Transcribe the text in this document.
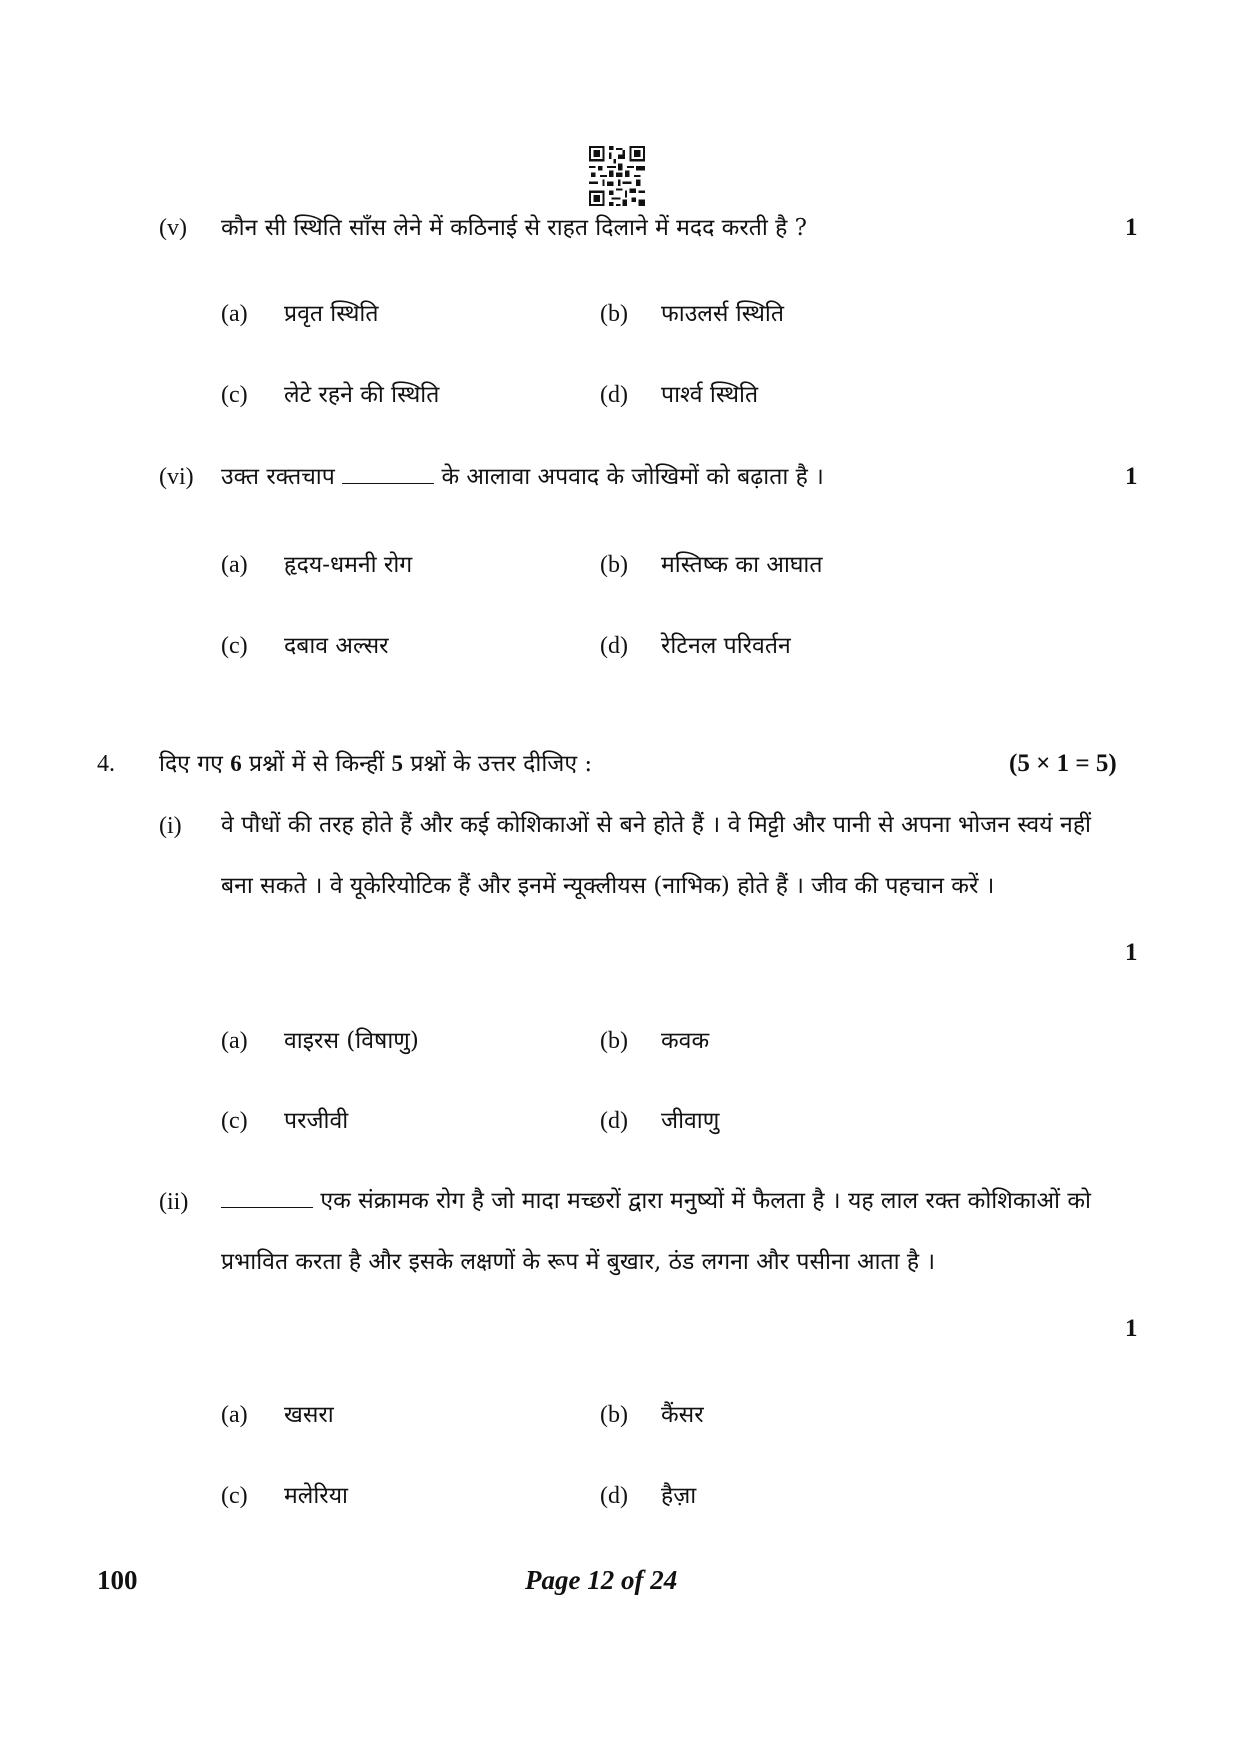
(v) कौन सी स्थिति साँस लेने में कठिनाई से राहत दिलाने में मदद करती है ?	1
(a) प्रवृत स्थिति	(b) फाउलर्स स्थिति
(c) लेटे रहने की स्थिति	(d) पार्श्व स्थिति
(vi) उक्त रक्तचाप	के आलावा अपवाद के जोखिमों को बढ़ाता है ।	1
(a) हृदय-धमनी रोग	(b) मस्तिष्क का आघात
(c) दबाव अल्सर	(d) रेटिनल परिवर्तन
4. दिए गए 6 प्रश्नों में से किन्हीं 5 प्रश्नों के उत्तर दीजिए :	(5 × 1 = 5)
(i) वे पौधों की तरह होते हैं और कई कोशिकाओं से बने होते हैं । वे मिट्टी और पानी से अपना भोजन स्वयं नहीं बना सकते । वे यूकेरियोटिक हैं और इनमें न्यूक्लीयस (नाभिक) होते हैं । जीव की पहचान करें ।
1
(a) वाइरस (विषाणु)	(b) कवक
(c) परजीवी	(d) जीवाणु
(ii)	एक संक्रामक रोग है जो मादा मच्छरों द्वारा मनुष्यों में फैलता है । यह लाल रक्त कोशिकाओं को प्रभावित करता है और इसके लक्षणों के रूप में बुखार, ठंड लगना और पसीना आता है ।
1
(a) खसरा	(b) कैंसर
(c) मलेरिया	(d) हैज़ा
100	Page 12 of 24
